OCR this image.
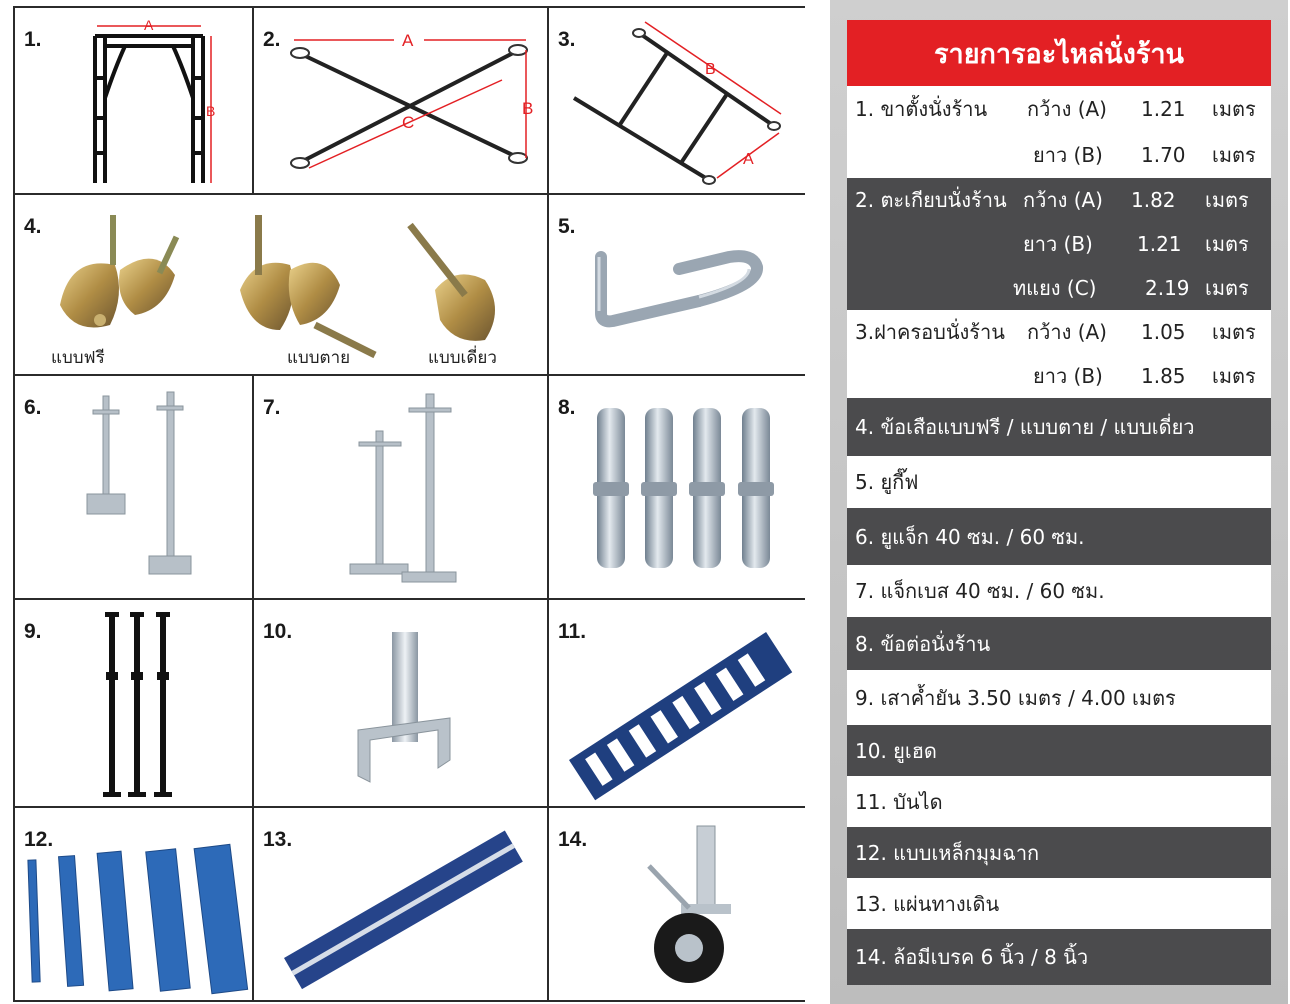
1.
A
B
2.	A
B
C
3.
B
A
4.
แบบฟรี	แบบตาย	แบบเดี่ยว
5.
6.	7.	8.
9.	10.	11.
12.	13.	14.
รายการอะไหล่นั่งร้าน
1. ขาตั้งนั่งร้าน กว้าง (A) 1.21 เมตร
ยาว (B) 1.70 เมตร
2. ตะเกียบนั่งร้าน กว้าง (A) 1.82 เมตร
ยาว (B) 1.21 เมตร
ทแยง (C) 2.19 เมตร
3.ฝาครอบนั่งร้าน กว้าง (A) 1.05 เมตร
ยาว (B) 1.85 เมตร
4. ข้อเสือแบบฟรี / แบบตาย / แบบเดี่ยว
5. ยูกี๊ฟ
6. ยูแจ็ก 40 ซม. / 60 ซม.
7. แจ็กเบส 40 ซม. / 60 ซม.
8. ข้อต่อนั่งร้าน
9. เสาค้ำยัน 3.50 เมตร / 4.00 เมตร
10. ยูเฮด
11. บันได
12. แบบเหล็กมุมฉาก
13. แผ่นทางเดิน
14. ล้อมีเบรค 6 นิ้ว / 8 นิ้ว
